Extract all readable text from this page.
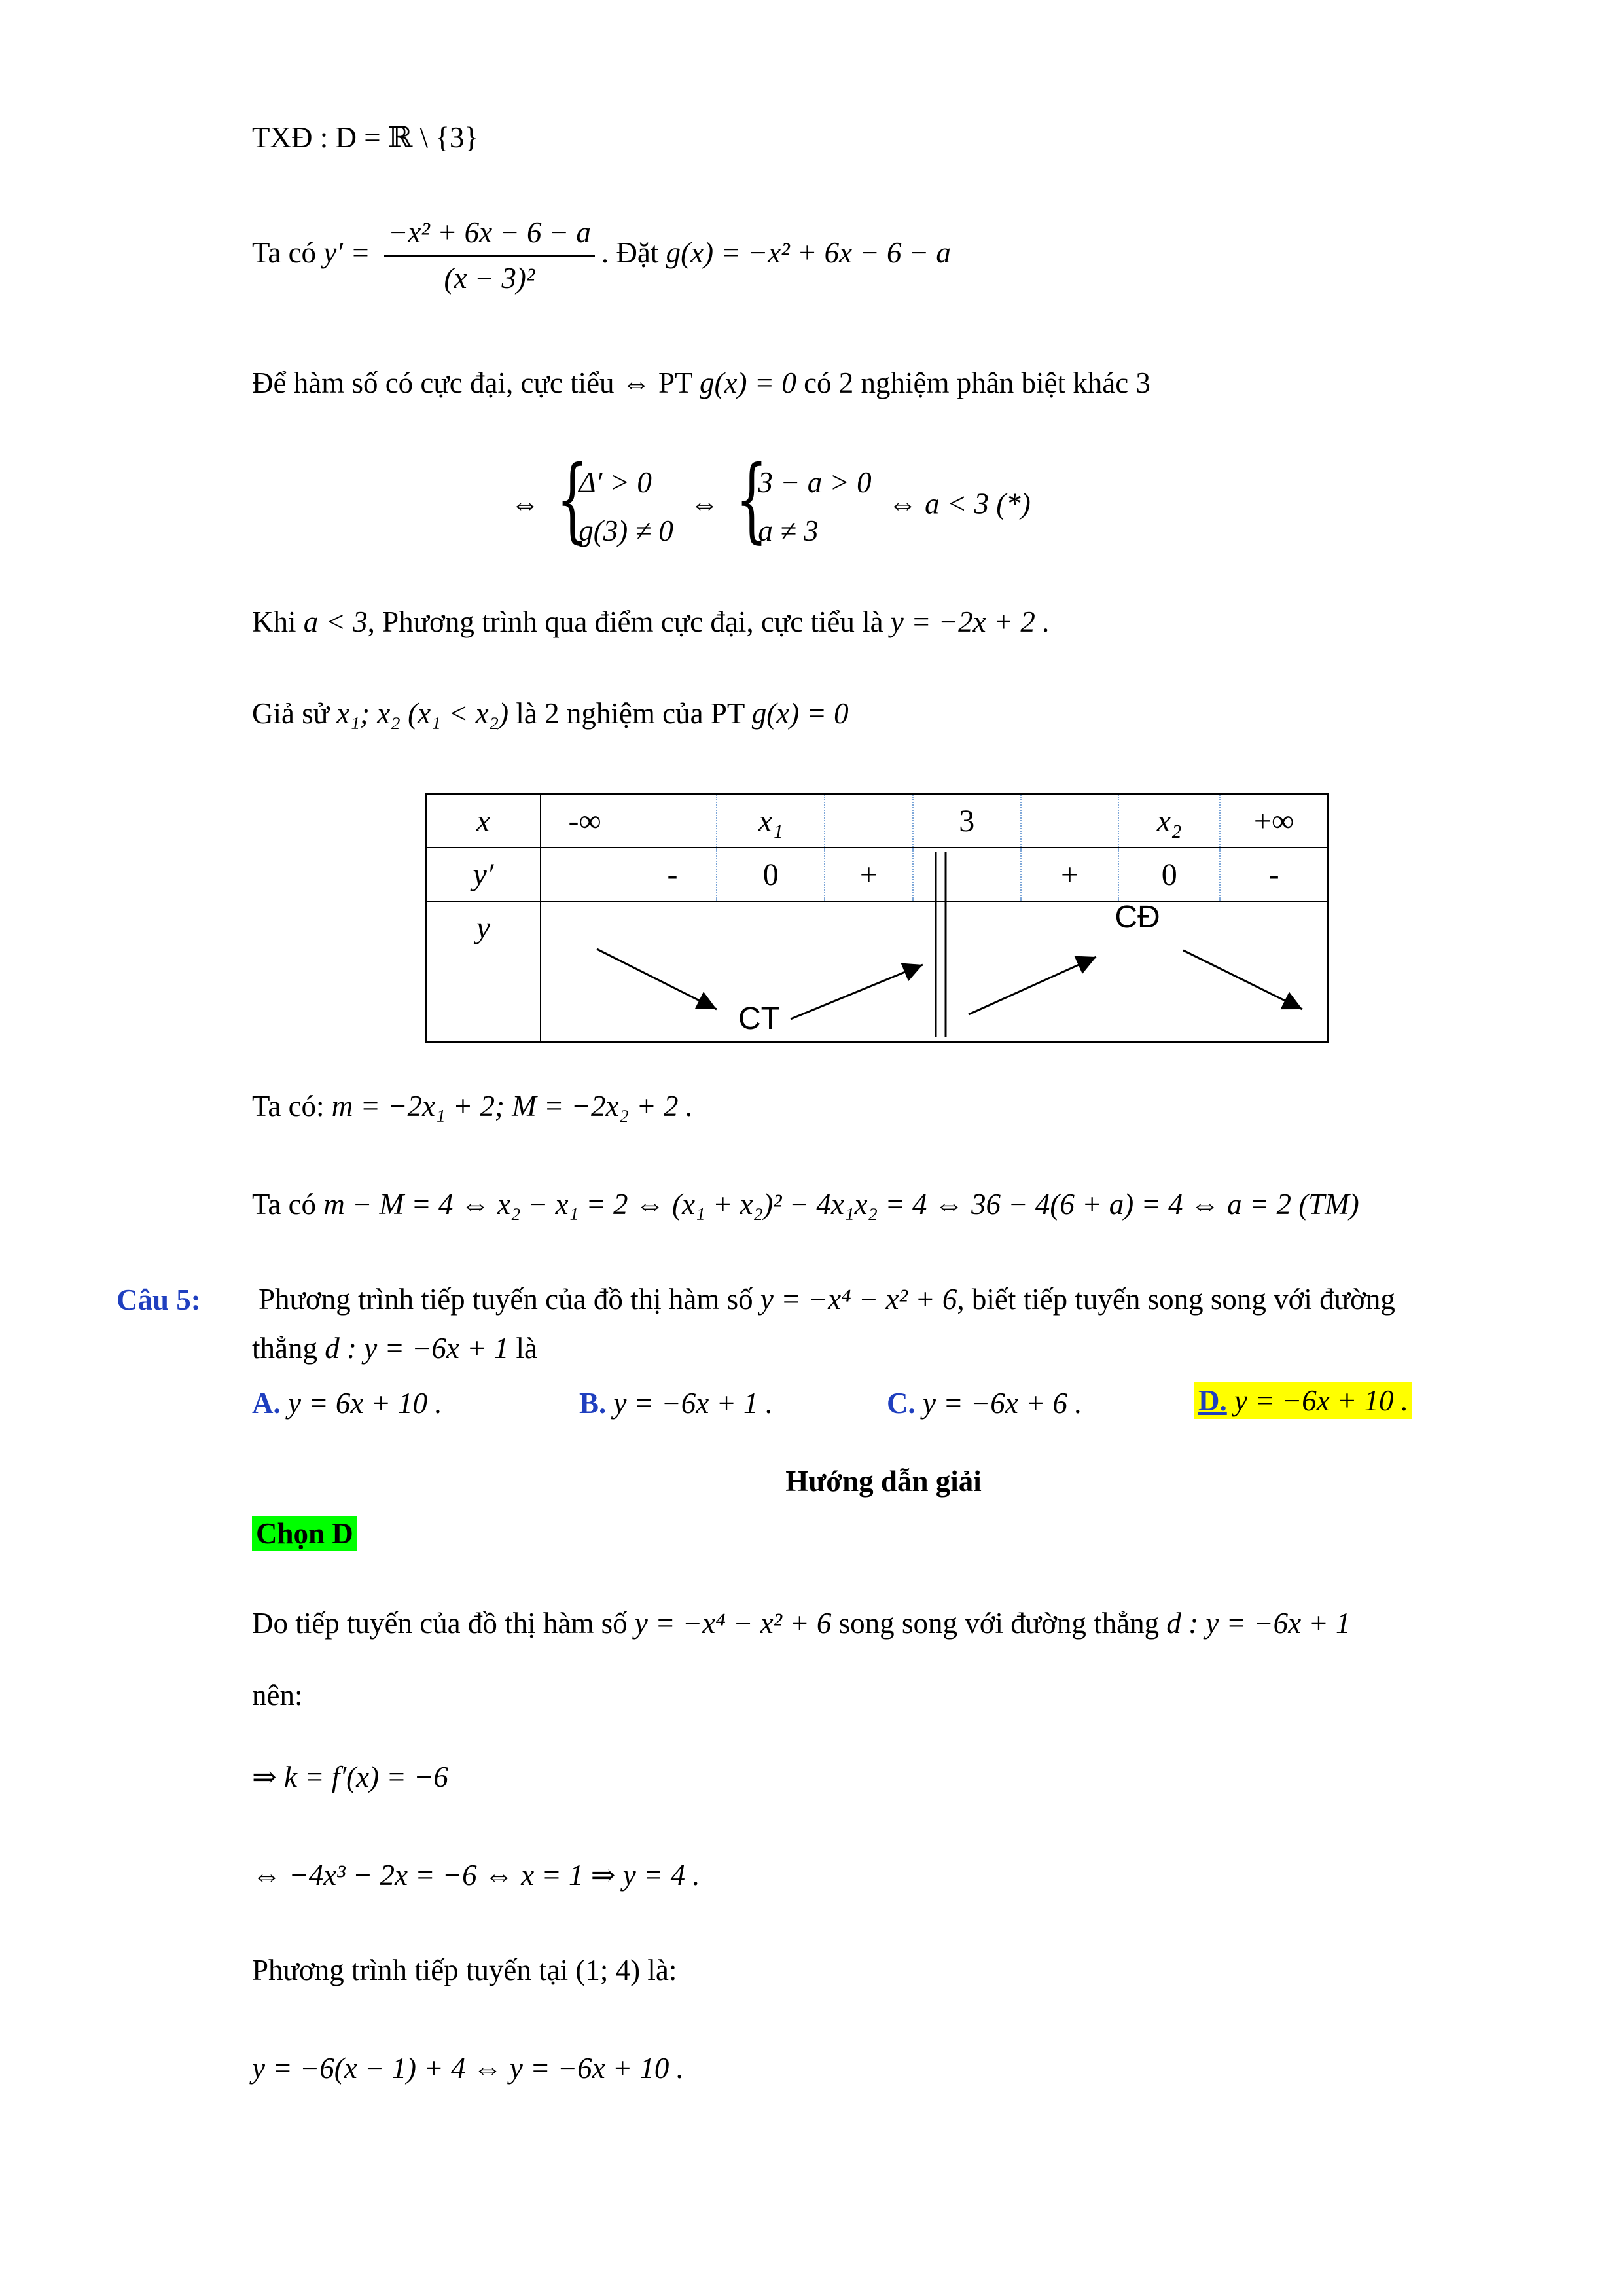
TXĐ : D = ℝ \ {3}
Ta có $y' = \frac{\text{−x² + 6x − 6 − a}}{\text{(x − 3)²}}$ . Đặt g(x) = −x² + 6x − 6 − a
Để hàm số có cực đại, cực tiểu ⇔ PT g(x) = 0 có 2 nghiệm phân biệt khác 3
⇔ {
Δ′ > 0
g(3) ≠ 0
⇔ {
3 − a > 0
a ≠ 3
⇔ a < 3 (*)
Khi a < 3, Phương trình qua điểm cực đại, cực tiểu là y = −2x + 2 .
Giả sử x₁; x₂ (x₁ < x₂) là 2 nghiệm của PT g(x) = 0
x	-∞		x₁		3		x₂	+∞
y′		-	0	+		+	0	-
y								
CT
CĐ
Ta có: m = −2x₁ + 2; M = −2x₂ + 2 .
Ta có m − M = 4 ⇔ x₂ − x₁ = 2 ⇔ (x₁ + x₂)² − 4x₁x₂ = 4 ⇔ 36 − 4(6 + a) = 4 ⇔ a = 2 (TM)
Câu 5: Phương trình tiếp tuyến của đồ thị hàm số y = −x⁴ − x² + 6, biết tiếp tuyến song song với đường
thẳng d : y = −6x + 1 là
A. y = 6x + 10 .	B. y = −6x + 1 .	C. y = −6x + 6 .	D. y = −6x + 10 .
Hướng dẫn giải
Chọn D
Do tiếp tuyến của đồ thị hàm số y = −x⁴ − x² + 6 song song với đường thẳng d : y = −6x + 1
nên:
⇒ k = f′(x) = −6
⇔ −4x³ − 2x = −6 ⇔ x = 1 ⇒ y = 4 .
Phương trình tiếp tuyến tại (1; 4) là:
y = −6(x − 1) + 4 ⇔ y = −6x + 10 .
